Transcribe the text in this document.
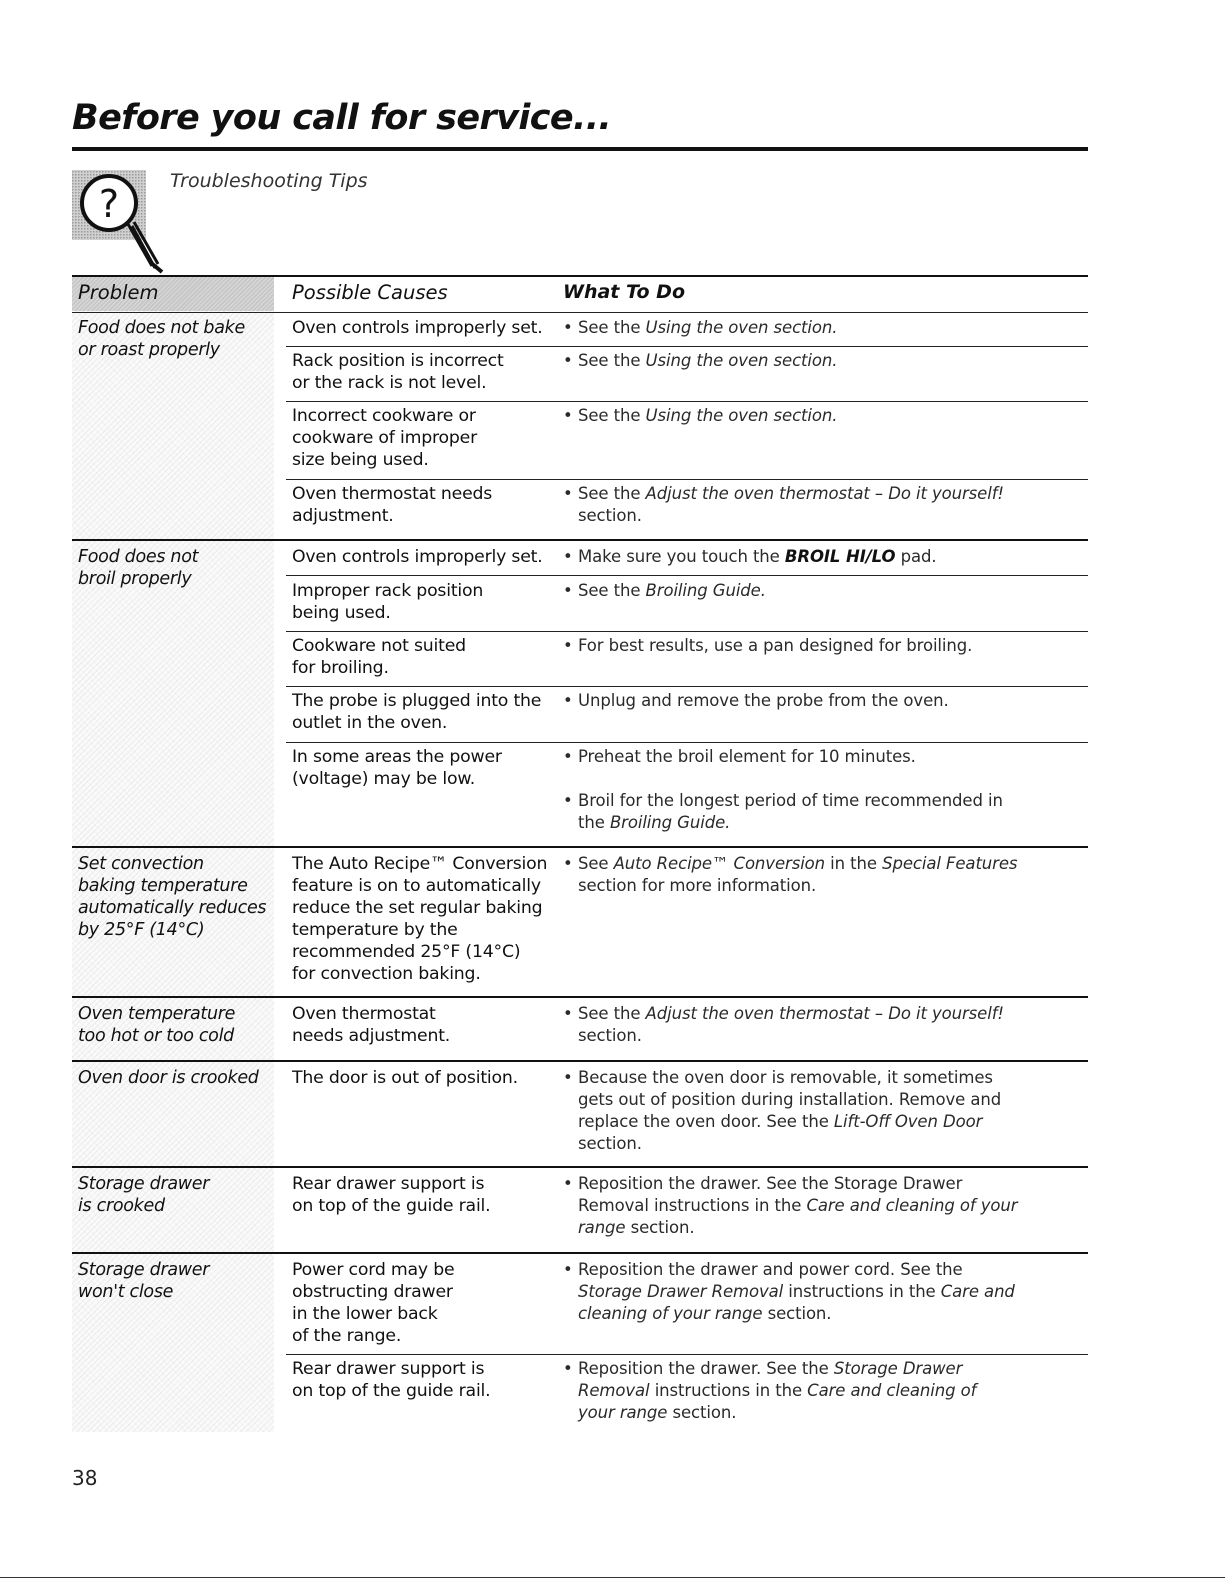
Before you call for service...
?
Troubleshooting Tips
Problem	Possible Causes	What To Do

Food does not bake
or roast properly

Food does not
broil properly

Set convection
baking temperature
automatically reduces
by 25°F (14°C)

Oven temperature
too hot or too cold

Oven door is crooked

Storage drawer
is crooked

Storage drawer
won't close

Oven controls improperly set.

Rack position is incorrect
or the rack is not level.

Incorrect cookware or
cookware of improper
size being used.

Oven thermostat needs
adjustment.

Oven controls improperly set.

Improper rack position
being used.

Cookware not suited
for broiling.

The probe is plugged into the
outlet in the oven.

In some areas the power
(voltage) may be low.

The Auto Recipe™ Conversion
feature is on to automatically
reduce the set regular baking
temperature by the
recommended 25°F (14°C)
for convection baking.

Oven thermostat
needs adjustment.

The door is out of position.

Rear drawer support is
on top of the guide rail.

Power cord may be
obstructing drawer
in the lower back
of the range.

Rear drawer support is
on top of the guide rail.

• See the Using the oven section.
• See the Using the oven section.
• See the Using the oven section.
• See the Adjust the oven thermostat – Do it yourself!
section.
• Make sure you touch the BROIL HI/LO pad.
• See the Broiling Guide.
• For best results, use a pan designed for broiling.
• Unplug and remove the probe from the oven.
• Preheat the broil element for 10 minutes.
• Broil for the longest period of time recommended in
the Broiling Guide.
• See Auto Recipe™ Conversion in the Special Features
section for more information.
• See the Adjust the oven thermostat – Do it yourself!
section.
• Because the oven door is removable, it sometimes
gets out of position during installation. Remove and
replace the oven door. See the Lift-Off Oven Door
section.
• Reposition the drawer. See the Storage Drawer
Removal instructions in the Care and cleaning of your
range section.
• Reposition the drawer and power cord. See the
Storage Drawer Removal instructions in the Care and
cleaning of your range section.
• Reposition the drawer. See the Storage Drawer
Removal instructions in the Care and cleaning of
your range section.
38
